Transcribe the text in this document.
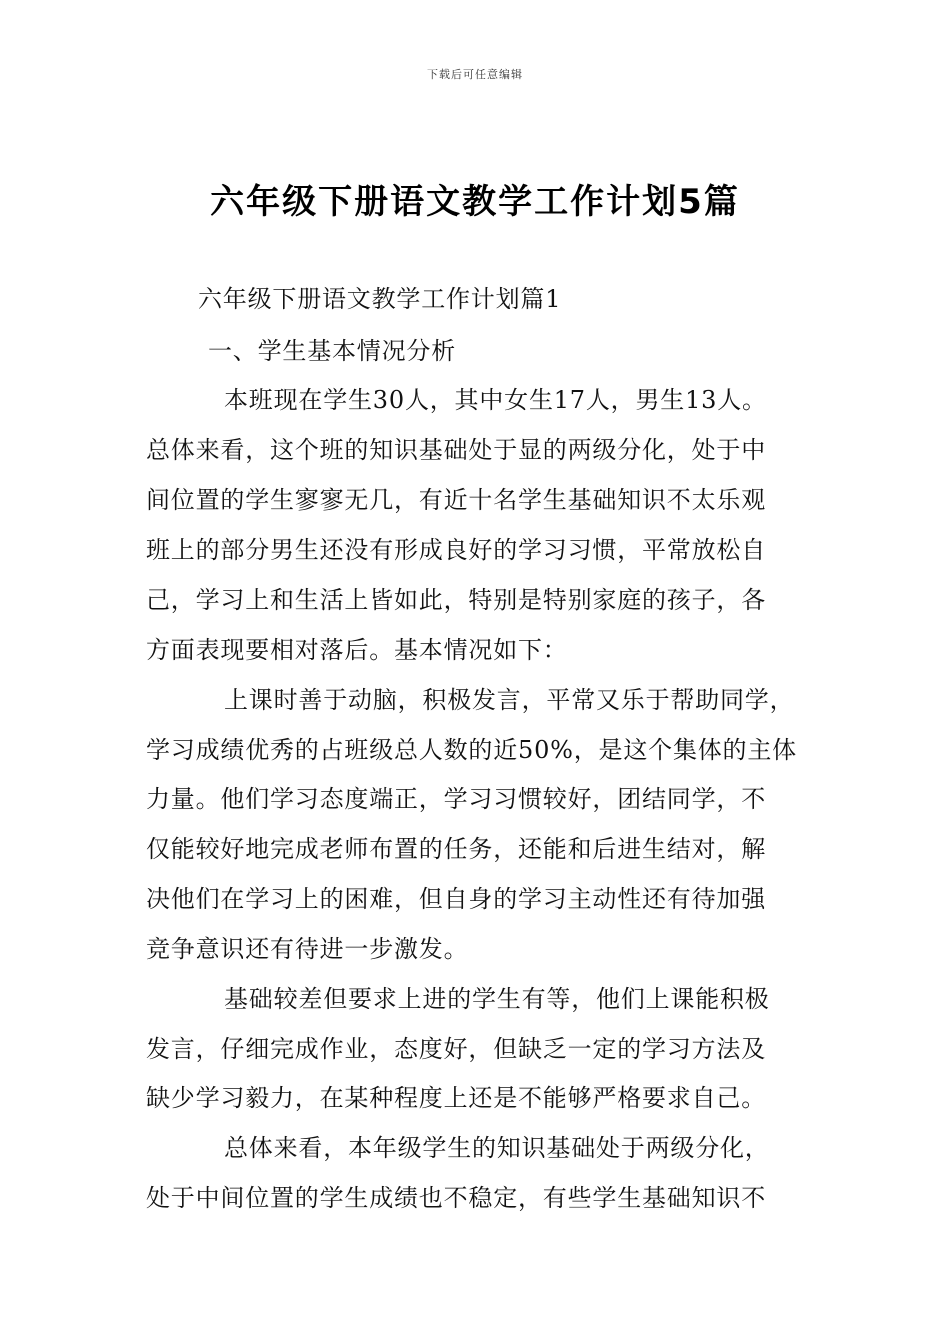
下载后可任意编辑
六年级下册语文教学工作计划5篇
六年级下册语文教学工作计划篇1
一、学生基本情况分析
本班现在学生30人，其中女生17人，男生13人。
总体来看，这个班的知识基础处于显的两级分化，处于中
间位置的学生寥寥无几，有近十名学生基础知识不太乐观
班上的部分男生还没有形成良好的学习习惯，平常放松自
己，学习上和生活上皆如此，特别是特别家庭的孩子，各
方面表现要相对落后。基本情况如下：
上课时善于动脑，积极发言，平常又乐于帮助同学，
学习成绩优秀的占班级总人数的近50%，是这个集体的主体
力量。他们学习态度端正，学习习惯较好，团结同学，不
仅能较好地完成老师布置的任务，还能和后进生结对，解
决他们在学习上的困难，但自身的学习主动性还有待加强
竞争意识还有待进一步激发。
基础较差但要求上进的学生有等，他们上课能积极
发言，仔细完成作业，态度好，但缺乏一定的学习方法及
缺少学习毅力，在某种程度上还是不能够严格要求自己。
总体来看，本年级学生的知识基础处于两级分化，
处于中间位置的学生成绩也不稳定，有些学生基础知识不
